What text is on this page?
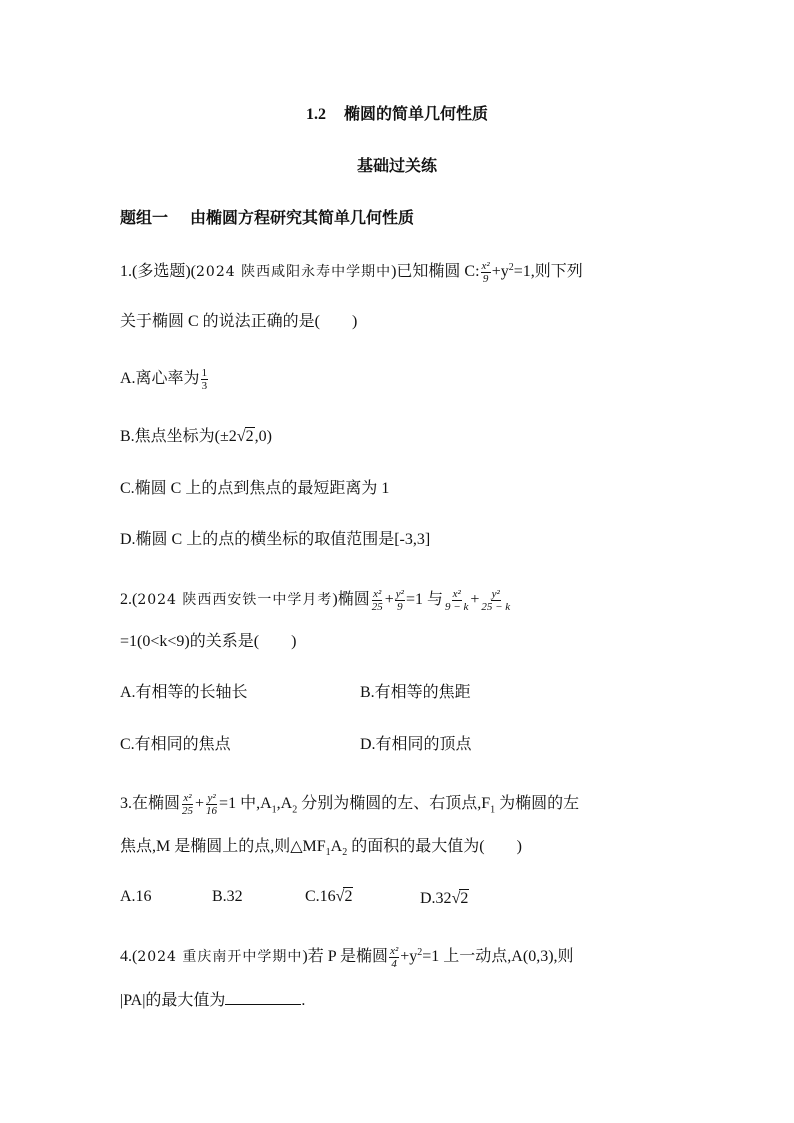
1.2 椭圆的简单几何性质
基础过关练
题组一 由椭圆方程研究其简单几何性质
1.(多选题)(2024 陕西咸阳永寿中学期中)已知椭圆 C: $\frac{\text{x²}}{9} +y^2=1$,则下列
关于椭圆 C 的说法正确的是( )
A.离心率为 $\frac{1}{3}$
B.焦点坐标为(±2√2,0)
C.椭圆 C 上的点到焦点的最短距离为 1
D.椭圆 C 上的点的横坐标的取值范围是[-3,3]
2.(2024 陕西西安铁一中学月考)椭圆 $\frac{\text{x²}}{25} + \frac{\text{y²}}{9} =1$ 与 $\frac{\text{x²}}{9 - k} + \frac{\text{y²}}{25 - k}$
=1(0<k<9)的关系是( )
A.有相等的长轴长	B.有相等的焦距
C.有相同的焦点	D.有相同的顶点
3.在椭圆 $\frac{\text{x²}}{25} + \frac{\text{y²}}{16} =1$ 中$,A_1,A_2$ 分别为椭圆的左、右顶点$,F_1$ 为椭圆的左
焦点,M 是椭圆上的点,则$\triangle MF_1A_2$ 的面积的最大值为( )
A.16	B.32	C.16√2	D.32√2
4.(2024 重庆南开中学期中)若 P 是椭圆 $\frac{\text{x²}}{4} +y^2=1$ 上一动点,A(0,3),则
|PA|的最大值为	.
